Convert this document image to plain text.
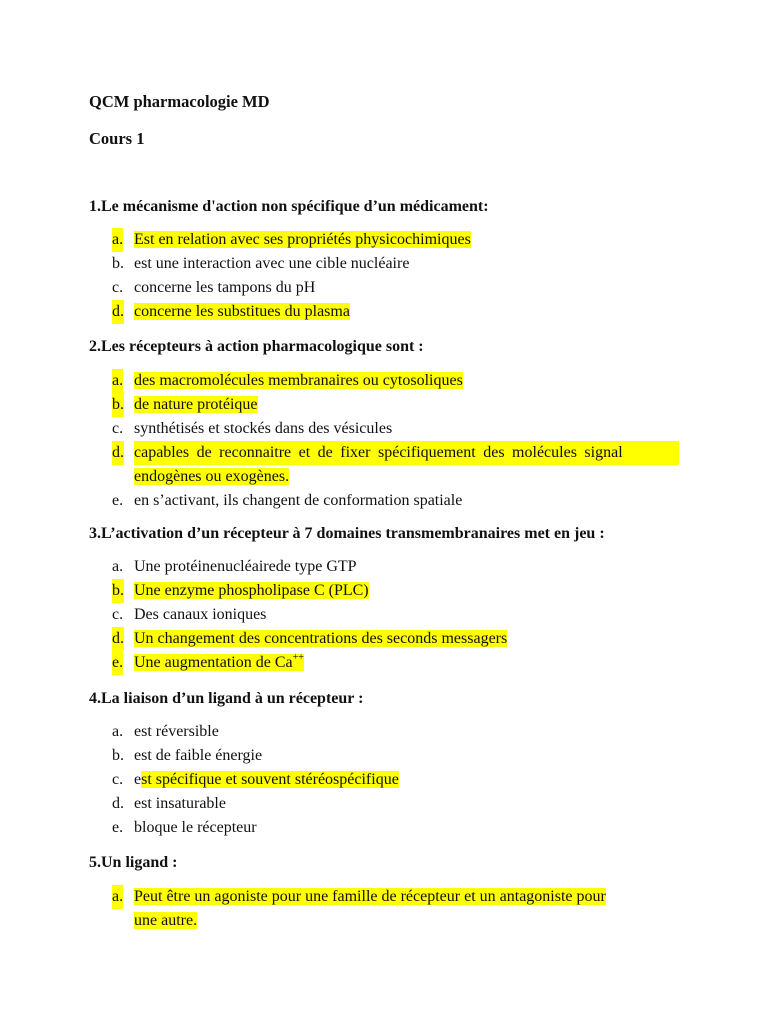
QCM pharmacologie MD
Cours 1
1.Le mécanisme d'action non spécifique d’un médicament:
a. Est en relation avec ses propriétés physicochimiques
b. est une interaction avec une cible nucléaire
c. concerne les tampons du pH
d. concerne les substitues du plasma
2.Les récepteurs à action pharmacologique sont :
a. des macromolécules membranaires ou cytosoliques
b. de nature protéique
c. synthétisés et stockés dans des vésicules
d. capables de reconnaitre et de fixer spécifiquement des molécules signal
endogènes ou exogènes.
e. en s’activant, ils changent de conformation spatiale
3.L’activation d’un récepteur à 7 domaines transmembranaires met en jeu :
a. Une protéinenucléairede type GTP
b. Une enzyme phospholipase C (PLC)
c. Des canaux ioniques
d. Un changement des concentrations des seconds messagers
e. Une augmentation de Ca++
4.La liaison d’un ligand à un récepteur :
a. est réversible
b. est de faible énergie
c. est spécifique et souvent stéréospécifique
d. est insaturable
e. bloque le récepteur
5.Un ligand :
a. Peut être un agoniste pour une famille de récepteur et un antagoniste pour
une autre.
